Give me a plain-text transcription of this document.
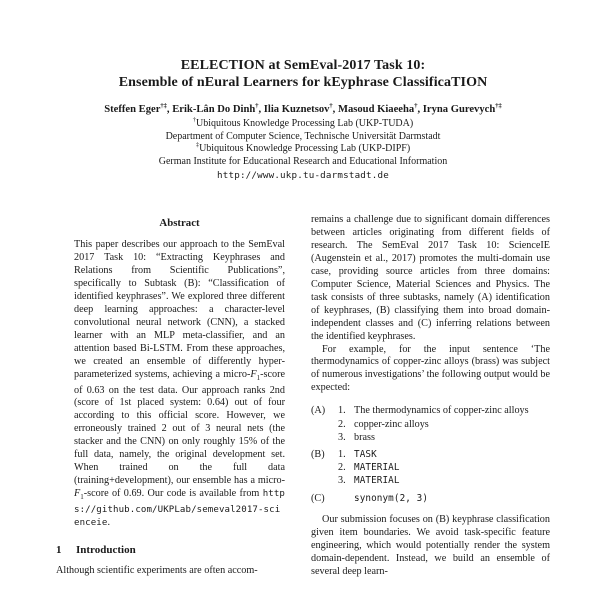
EELECTION at SemEval-2017 Task 10:
Ensemble of nEural Learners for kEyphrase ClassificaTION
Steffen Eger†‡, Erik-Lân Do Dinh†, Ilia Kuznetsov†, Masoud Kiaeeha†, Iryna Gurevych†‡
†Ubiquitous Knowledge Processing Lab (UKP-TUDA)
Department of Computer Science, Technische Universität Darmstadt
‡Ubiquitous Knowledge Processing Lab (UKP-DIPF)
German Institute for Educational Research and Educational Information
http://www.ukp.tu-darmstadt.de
Abstract
This paper describes our approach to the SemEval 2017 Task 10: “Extracting Keyphrases and Relations from Scientific Publications”, specifically to Subtask (B): “Classification of identified keyphrases”. We explored three different deep learning approaches: a character-level convolutional neural network (CNN), a stacked learner with an MLP meta-classifier, and an attention based Bi-LSTM. From these approaches, we created an ensemble of differently hyper-parameterized systems, achieving a micro-$F_1$-score of 0.63 on the test data. Our approach ranks 2nd (score of 1st placed system: 0.64) out of four according to this official score. However, we erroneously trained 2 out of 3 neural nets (the stacker and the CNN) on only roughly 15% of the full data, namely, the original development set. When trained on the full data (training+development), our ensemble has a micro-$F_1$-score of 0.69. Our code is available from https://github.com/UKPLab/semeval2017-scienceie.
1 Introduction
Although scientific experiments are often accom-
remains a challenge due to significant domain differences between articles originating from different fields of research. The SemEval 2017 Task 10: ScienceIE (Augenstein et al., 2017) promotes the multi-domain use case, providing source articles from three domains: Computer Science, Material Sciences and Physics. The task consists of three subtasks, namely (A) identification of keyphrases, (B) classifying them into broad domain-independent classes and (C) inferring relations between the identified keyphrases.
For example, for the input sentence ‘The thermodynamics of copper-zinc alloys (brass) was subject of numerous investigations’ the following output would be expected:
(A)	1. The thermodynamics of copper-zinc alloys
2. copper-zinc alloys
3. brass
(B)	1. TASK
2. MATERIAL
3. MATERIAL
(C)	synonym(2, 3)
Our submission focuses on (B) keyphrase classification given item boundaries. We avoid task-specific feature engineering, which would potentially render the system domain-dependent. Instead, we build an ensemble of several deep learn-
